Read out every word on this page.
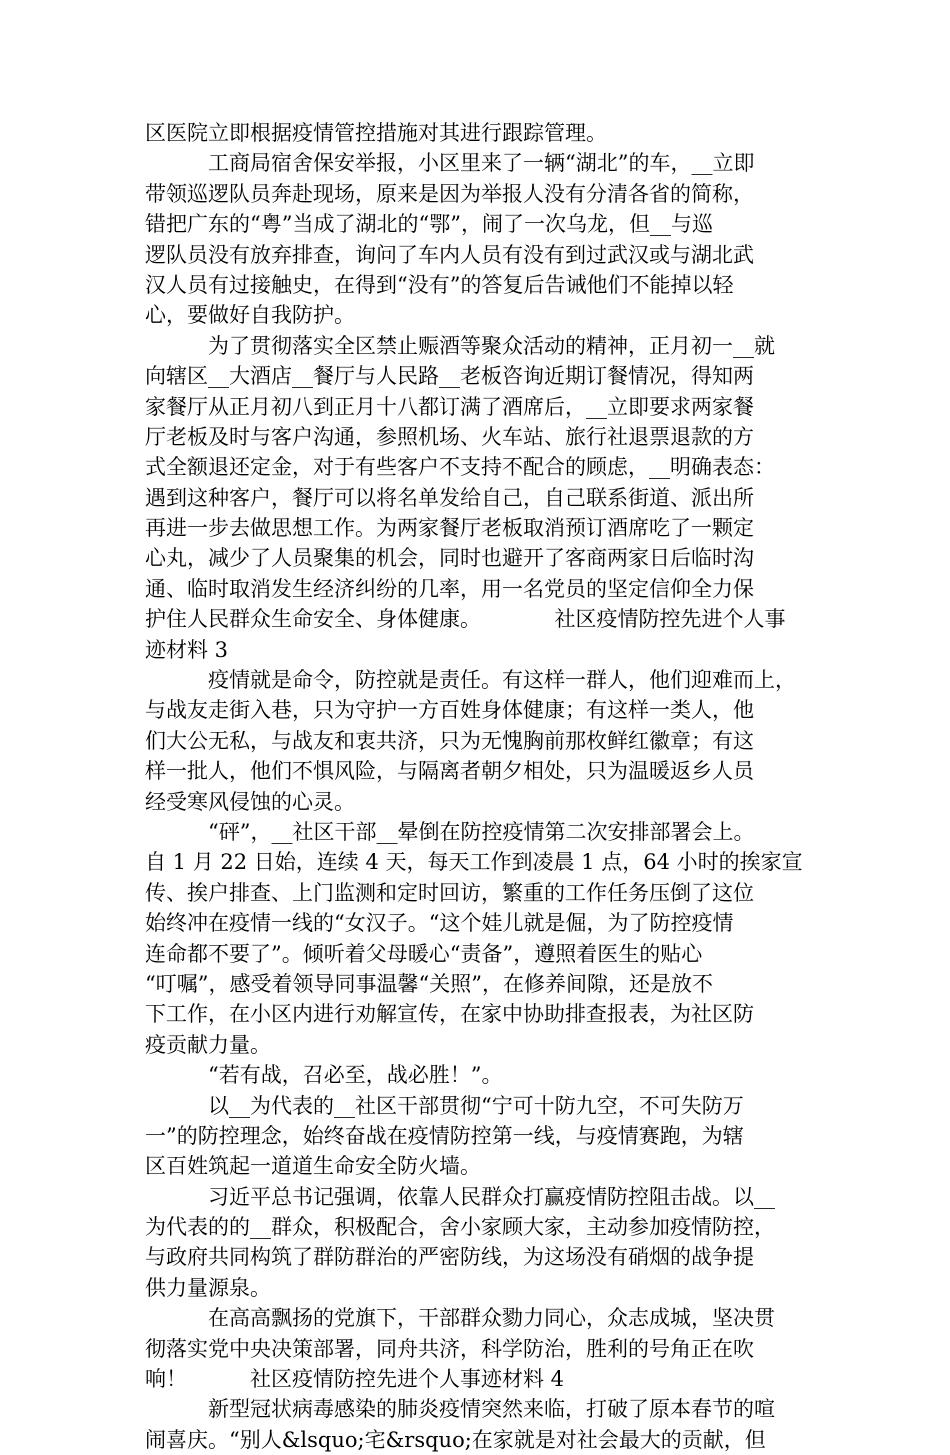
区医院立即根据疫情管控措施对其进行跟踪管理。
　　　工商局宿舍保安举报，小区里来了一辆“湖北”的车，__立即
带领巡逻队员奔赴现场，原来是因为举报人没有分清各省的简称，
错把广东的“粤”当成了湖北的“鄂”，闹了一次乌龙，但__与巡
逻队员没有放弃排查，询问了车内人员有没有到过武汉或与湖北武
汉人员有过接触史，在得到“没有”的答复后告诫他们不能掉以轻
心，要做好自我防护。
　　　为了贯彻落实全区禁止赈酒等聚众活动的精神，正月初一__就
向辖区__大酒店__餐厅与人民路__老板咨询近期订餐情况，得知两
家餐厅从正月初八到正月十八都订满了酒席后，__立即要求两家餐
厅老板及时与客户沟通，参照机场、火车站、旅行社退票退款的方
式全额退还定金，对于有些客户不支持不配合的顾虑，__明确表态：
遇到这种客户，餐厅可以将名单发给自己，自己联系街道、派出所
再进一步去做思想工作。为两家餐厅老板取消预订酒席吃了一颗定
心丸，减少了人员聚集的机会，同时也避开了客商两家日后临时沟
通、临时取消发生经济纠纷的几率，用一名党员的坚定信仰全力保
护住人民群众生命安全、身体健康。　　　　社区疫情防控先进个人事
迹材料 3
　　　疫情就是命令，防控就是责任。有这样一群人，他们迎难而上，
与战友走街入巷，只为守护一方百姓身体健康；有这样一类人，他
们大公无私，与战友和衷共济，只为无愧胸前那枚鲜红徽章；有这
样一批人，他们不惧风险，与隔离者朝夕相处，只为温暖返乡人员
经受寒风侵蚀的心灵。
　　　“砰”，__社区干部__晕倒在防控疫情第二次安排部署会上。
自 1 月 22 日始，连续 4 天，每天工作到凌晨 1 点，64 小时的挨家宣
传、挨户排查、上门监测和定时回访，繁重的工作任务压倒了这位
始终冲在疫情一线的“女汉子。“这个娃儿就是倔，为了防控疫情
连命都不要了”。倾听着父母暖心“责备”，遵照着医生的贴心
“叮嘱”，感受着领导同事温馨“关照”，在修养间隙，还是放不
下工作，在小区内进行劝解宣传，在家中协助排查报表，为社区防
疫贡献力量。
　　　“若有战，召必至，战必胜！”。
　　　以__为代表的__社区干部贯彻“宁可十防九空，不可失防万
一”的防控理念，始终奋战在疫情防控第一线，与疫情赛跑，为辖
区百姓筑起一道道生命安全防火墙。
　　　习近平总书记强调，依靠人民群众打赢疫情防控阻击战。以__
为代表的的__群众，积极配合，舍小家顾大家，主动参加疫情防控，
与政府共同构筑了群防群治的严密防线，为这场没有硝烟的战争提
供力量源泉。
　　　在高高飘扬的党旗下，干部群众勠力同心，众志成城，坚决贯
彻落实党中央决策部署，同舟共济，科学防治，胜利的号角正在吹
响！　　　社区疫情防控先进个人事迹材料 4
　　　新型冠状病毒感染的肺炎疫情突然来临，打破了原本春节的喧
闹喜庆。“别人&lsquo;宅&rsquo;在家就是对社会最大的贡献，但
